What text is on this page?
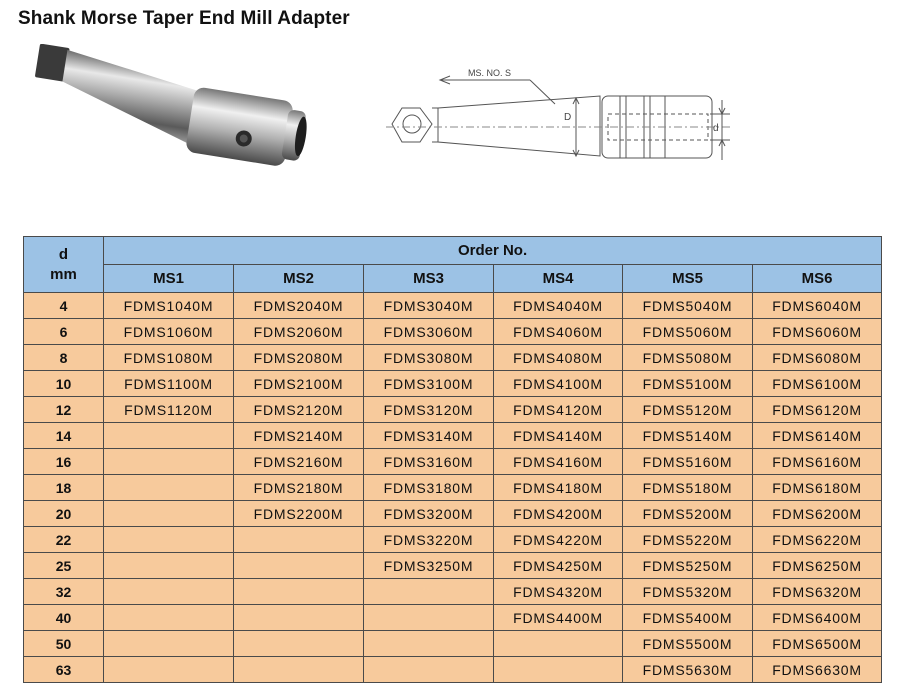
Shank Morse Taper End Mill Adapter
MS. NO. S
D
d
d
mm	Order No.					
	MS1	MS2	MS3	MS4	MS5	MS6
4	FDMS1040M	FDMS2040M	FDMS3040M	FDMS4040M	FDMS5040M	FDMS6040M
6	FDMS1060M	FDMS2060M	FDMS3060M	FDMS4060M	FDMS5060M	FDMS6060M
8	FDMS1080M	FDMS2080M	FDMS3080M	FDMS4080M	FDMS5080M	FDMS6080M
10	FDMS1100M	FDMS2100M	FDMS3100M	FDMS4100M	FDMS5100M	FDMS6100M
12	FDMS1120M	FDMS2120M	FDMS3120M	FDMS4120M	FDMS5120M	FDMS6120M
14		FDMS2140M	FDMS3140M	FDMS4140M	FDMS5140M	FDMS6140M
16		FDMS2160M	FDMS3160M	FDMS4160M	FDMS5160M	FDMS6160M
18		FDMS2180M	FDMS3180M	FDMS4180M	FDMS5180M	FDMS6180M
20		FDMS2200M	FDMS3200M	FDMS4200M	FDMS5200M	FDMS6200M
22			FDMS3220M	FDMS4220M	FDMS5220M	FDMS6220M
25			FDMS3250M	FDMS4250M	FDMS5250M	FDMS6250M
32				FDMS4320M	FDMS5320M	FDMS6320M
40				FDMS4400M	FDMS5400M	FDMS6400M
50					FDMS5500M	FDMS6500M
63					FDMS5630M	FDMS6630M
